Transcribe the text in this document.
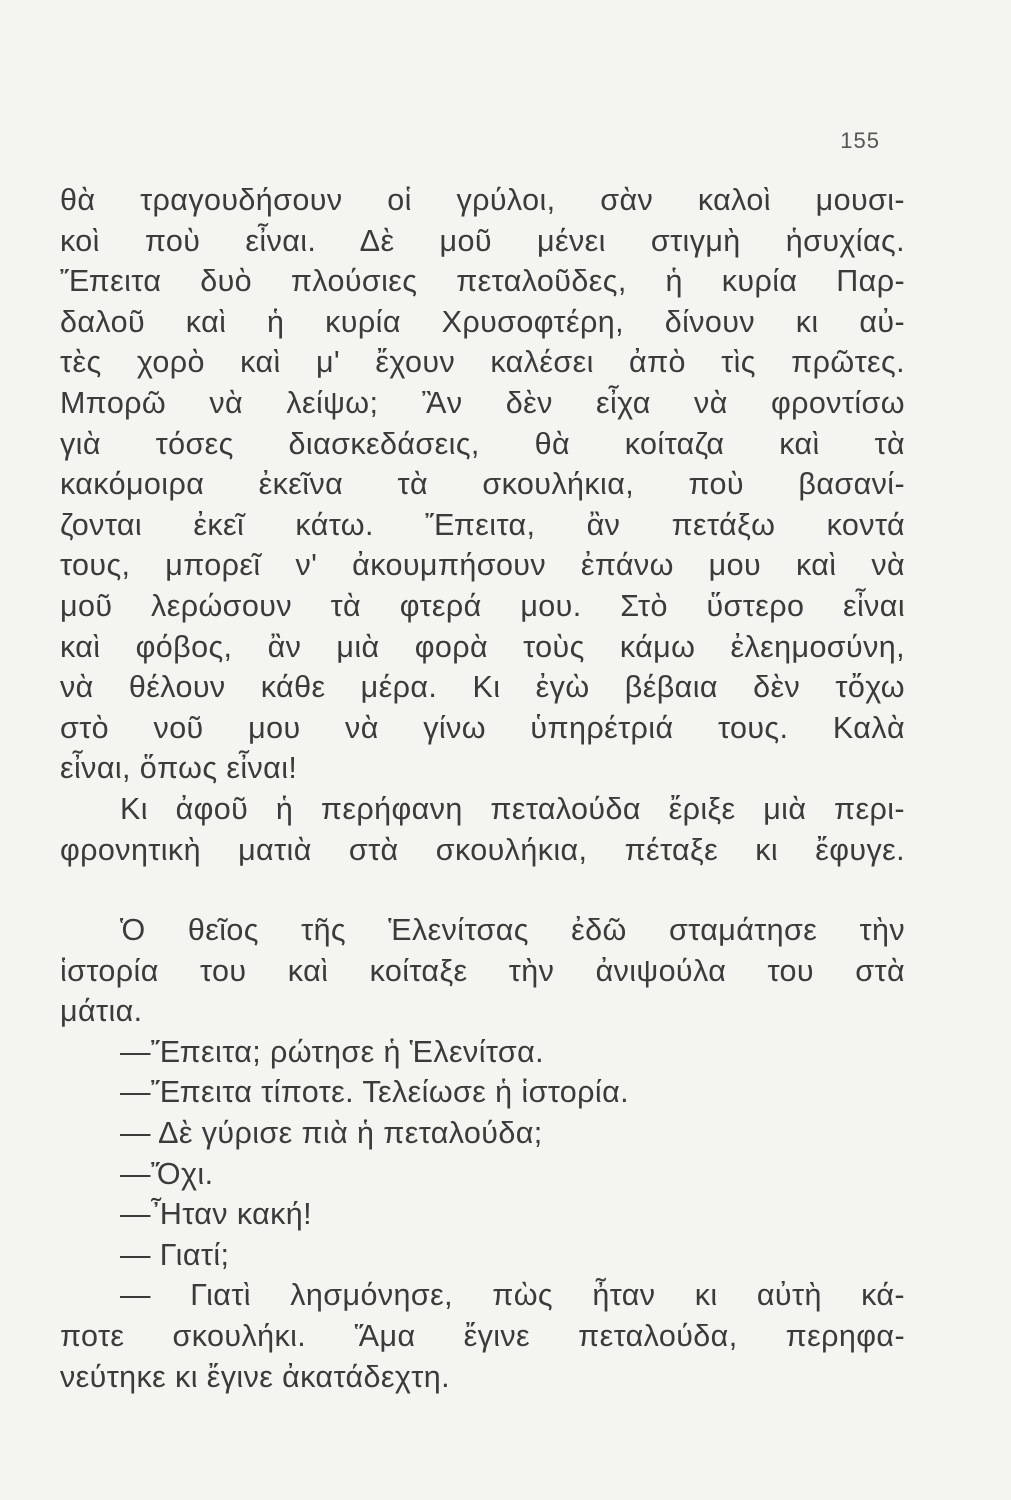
155
θὰ τραγουδήσουν οἱ γρύλοι, σὰν καλοὶ μουσι-
κοὶ ποὺ εἶναι. Δὲ μοῦ μένει στιγμὴ ἡσυχίας.
Ἔπειτα δυὸ πλούσιες πεταλοῦδες, ἡ κυρία Παρ-
δαλοῦ καὶ ἡ κυρία Χρυσοφτέρη, δίνουν κι αὐ-
τὲς χορὸ καὶ μ' ἔχουν καλέσει ἀπὸ τὶς πρῶτες.
Μπορῶ νὰ λείψω; Ἂν δὲν εἶχα νὰ φροντίσω
γιὰ τόσες διασκεδάσεις, θὰ κοίταζα καὶ τὰ
κακόμοιρα ἐκεῖνα τὰ σκουλήκια, ποὺ βασανί-
ζονται ἐκεῖ κάτω. Ἔπειτα, ἂν πετάξω κοντά
τους, μπορεῖ ν' ἀκουμπήσουν ἐπάνω μου καὶ νὰ
μοῦ λερώσουν τὰ φτερά μου. Στὸ ὕστερο εἶναι
καὶ φόβος, ἂν μιὰ φορὰ τοὺς κάμω ἐλεημοσύνη,
νὰ θέλουν κάθε μέρα. Κι ἐγὼ βέβαια δὲν τὄχω
στὸ νοῦ μου νὰ γίνω ὑπηρέτριά τους. Καλὰ
εἶναι, ὅπως εἶναι!
Κι ἀφοῦ ἡ περήφανη πεταλούδα ἔριξε μιὰ περι-
φρονητικὴ ματιὰ στὰ σκουλήκια, πέταξε κι ἔφυγε.
Ὁ θεῖος τῆς Ἑλενίτσας ἐδῶ σταμάτησε τὴν
ἱστορία του καὶ κοίταξε τὴν ἀνιψούλα του στὰ
μάτια.
—Ἔπειτα; ρώτησε ἡ Ἑλενίτσα.
—Ἔπειτα τίποτε. Τελείωσε ἡ ἱστορία.
— Δὲ γύρισε πιὰ ἡ πεταλούδα;
—Ὄχι.
—Ἦταν κακή!
— Γιατί;
— Γιατὶ λησμόνησε, πὼς ἦταν κι αὐτὴ κά-
ποτε σκουλήκι. Ἅμα ἔγινε πεταλούδα, περηφα-
νεύτηκε κι ἔγινε ἀκατάδεχτη.
